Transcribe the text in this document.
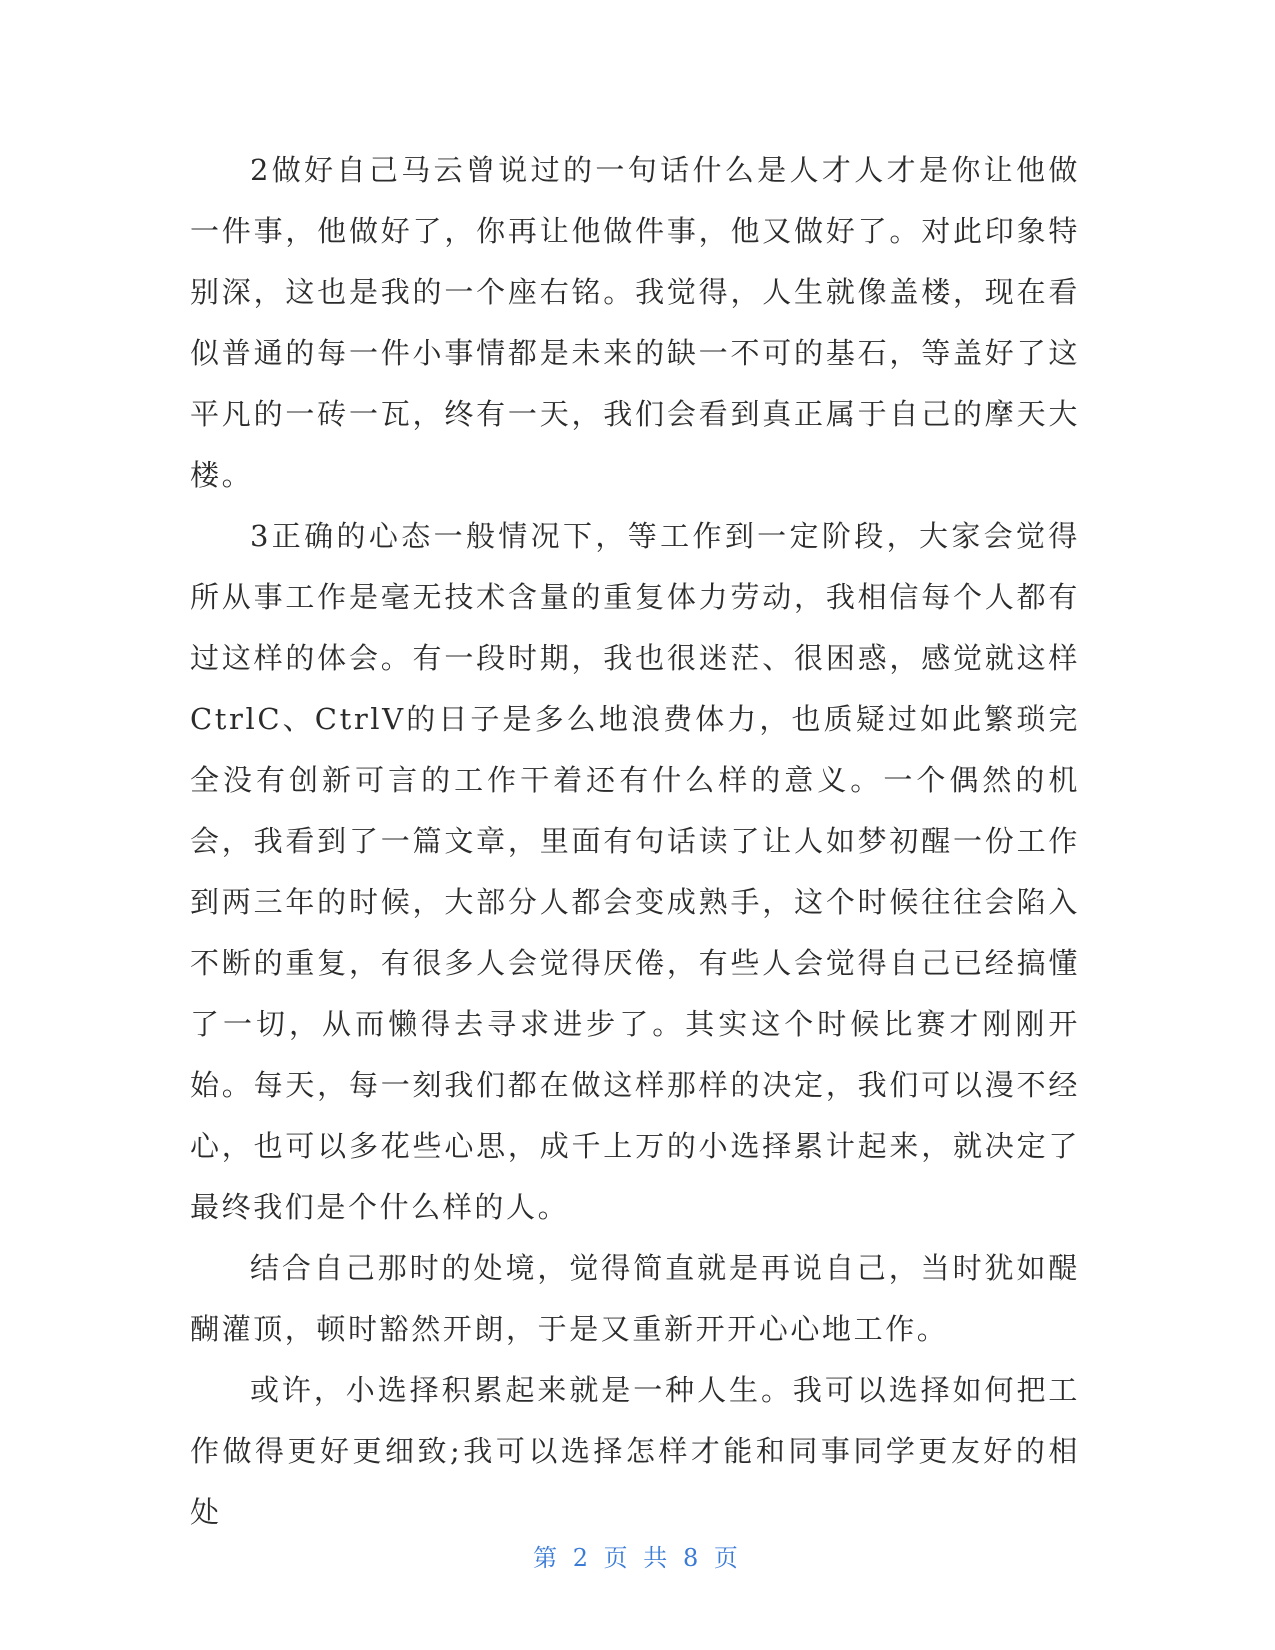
2做好自己马云曾说过的一句话什么是人才人才是你让他做一件事，他做好了，你再让他做件事，他又做好了。对此印象特别深，这也是我的一个座右铭。我觉得，人生就像盖楼，现在看似普通的每一件小事情都是未来的缺一不可的基石，等盖好了这平凡的一砖一瓦，终有一天，我们会看到真正属于自己的摩天大楼。

3正确的心态一般情况下，等工作到一定阶段，大家会觉得所从事工作是毫无技术含量的重复体力劳动，我相信每个人都有过这样的体会。有一段时期，我也很迷茫、很困惑，感觉就这样CtrlC、CtrlV的日子是多么地浪费体力，也质疑过如此繁琐完全没有创新可言的工作干着还有什么样的意义。一个偶然的机会，我看到了一篇文章，里面有句话读了让人如梦初醒一份工作到两三年的时候，大部分人都会变成熟手，这个时候往往会陷入不断的重复，有很多人会觉得厌倦，有些人会觉得自己已经搞懂了一切，从而懒得去寻求进步了。其实这个时候比赛才刚刚开始。每天，每一刻我们都在做这样那样的决定，我们可以漫不经心，也可以多花些心思，成千上万的小选择累计起来，就决定了最终我们是个什么样的人。

结合自己那时的处境，觉得简直就是再说自己，当时犹如醍醐灌顶，顿时豁然开朗，于是又重新开开心心地工作。

或许，小选择积累起来就是一种人生。我可以选择如何把工作做得更好更细致;我可以选择怎样才能和同事同学更友好的相处

第 2 页 共 8 页
